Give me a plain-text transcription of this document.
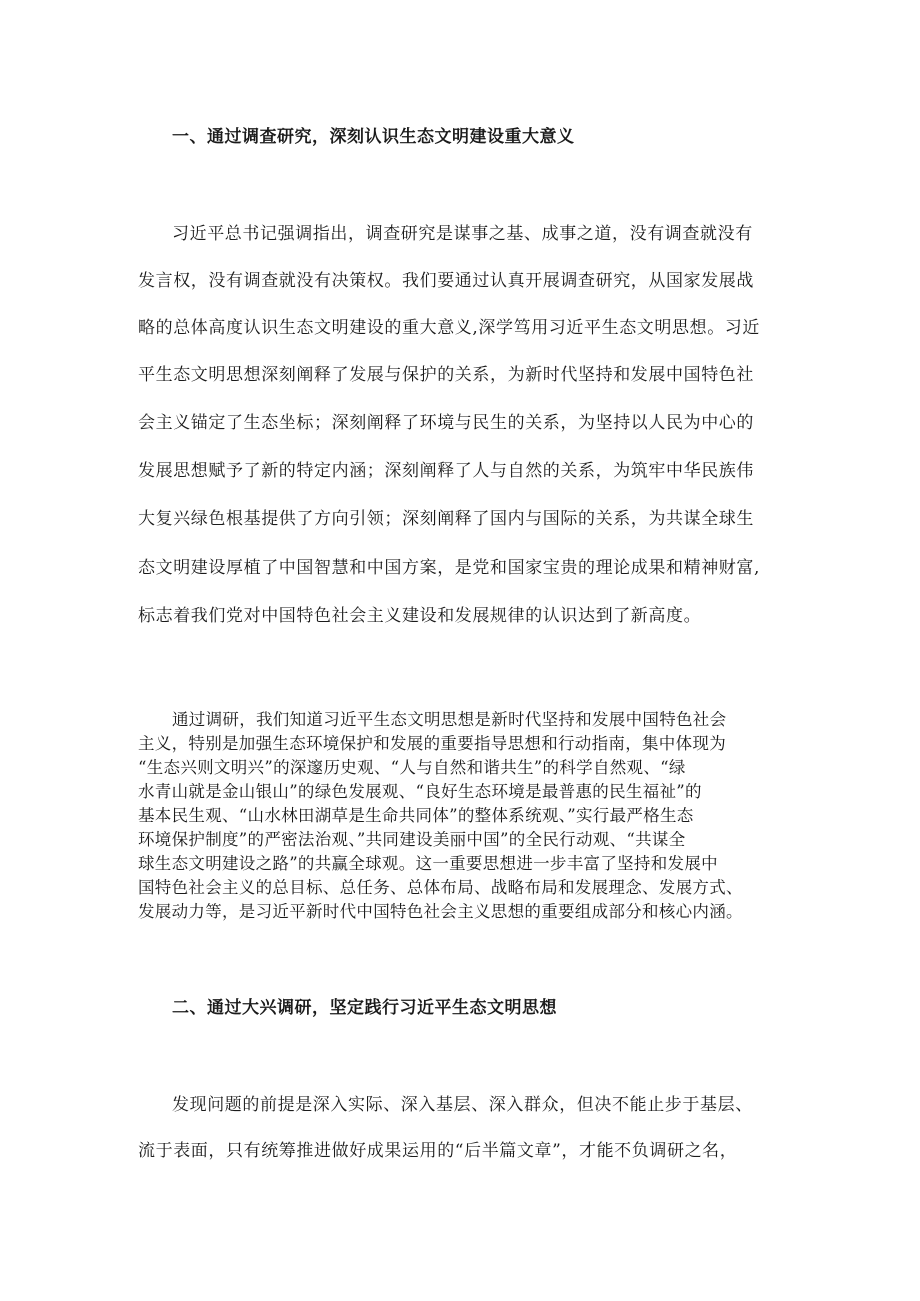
一、通过调查研究，深刻认识生态文明建设重大意义
习近平总书记强调指出，调查研究是谋事之基、成事之道，没有调查就没有
发言权，没有调查就没有决策权。我们要通过认真开展调查研究，从国家发展战
略的总体高度认识生态文明建设的重大意义,深学笃用习近平生态文明思想。习近
平生态文明思想深刻阐释了发展与保护的关系，为新时代坚持和发展中国特色社
会主义锚定了生态坐标；深刻阐释了环境与民生的关系，为坚持以人民为中心的
发展思想赋予了新的特定内涵；深刻阐释了人与自然的关系，为筑牢中华民族伟
大复兴绿色根基提供了方向引领；深刻阐释了国内与国际的关系，为共谋全球生
态文明建设厚植了中国智慧和中国方案，是党和国家宝贵的理论成果和精神财富,
标志着我们党对中国特色社会主义建设和发展规律的认识达到了新高度。
通过调研，我们知道习近平生态文明思想是新时代坚持和发展中国特色社会
主义，特别是加强生态环境保护和发展的重要指导思想和行动指南，集中体现为
“生态兴则文明兴”的深邃历史观、“人与自然和谐共生”的科学自然观、“绿
水青山就是金山银山”的绿色发展观、“良好生态环境是最普惠的民生福祉”的
基本民生观、“山水林田湖草是生命共同体”的整体系统观、”实行最严格生态
环境保护制度”的严密法治观、”共同建设美丽中国”的全民行动观、“共谋全
球生态文明建设之路”的共赢全球观。这一重要思想进一步丰富了坚持和发展中
国特色社会主义的总目标、总任务、总体布局、战略布局和发展理念、发展方式、
发展动力等，是习近平新时代中国特色社会主义思想的重要组成部分和核心内涵。
二、通过大兴调研，坚定践行习近平生态文明思想
发现问题的前提是深入实际、深入基层、深入群众，但决不能止步于基层、
流于表面，只有统筹推进做好成果运用的“后半篇文章”，才能不负调研之名，
